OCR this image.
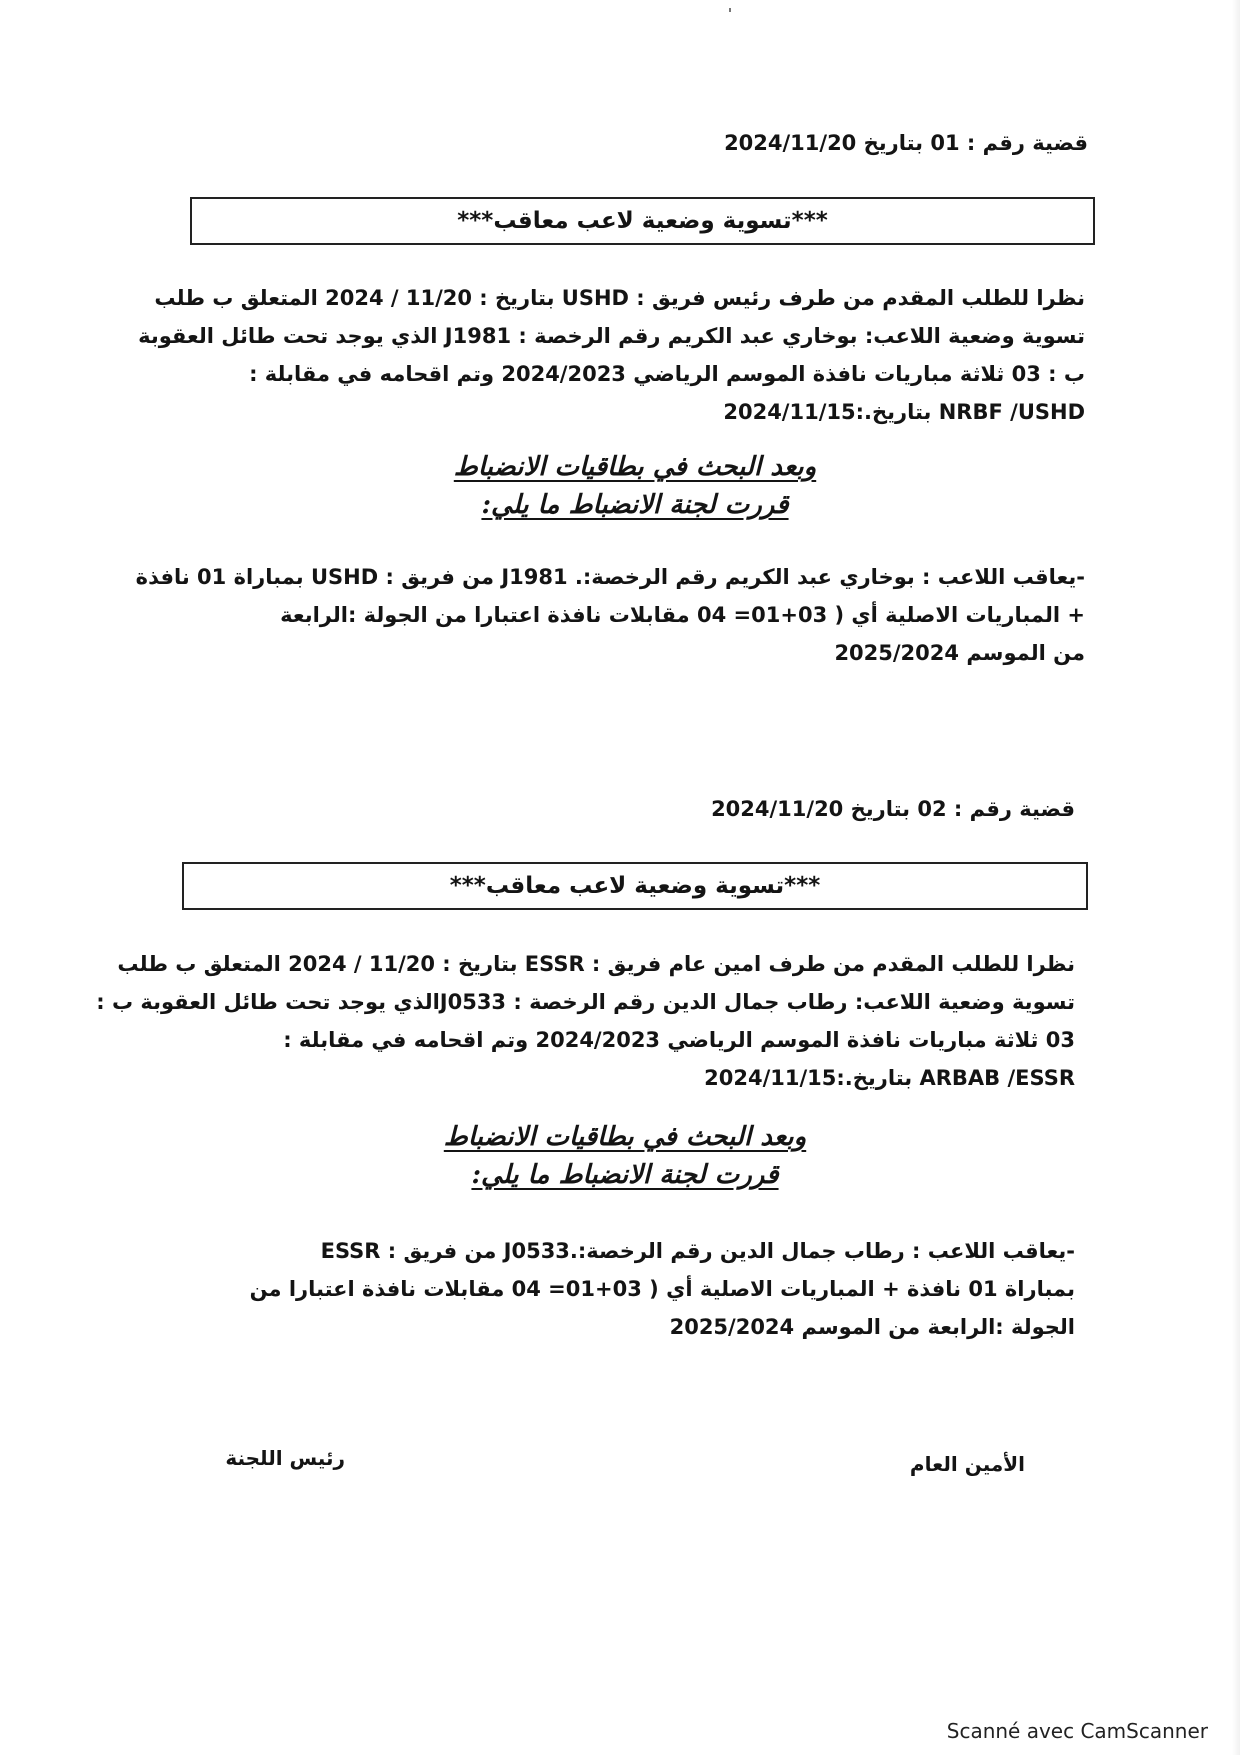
قضية رقم : 01 بتاريخ 2024/11/20
***تسوية وضعية لاعب معاقب***

نظرا للطلب المقدم من طرف رئيس فريق : USHD بتاريخ : 11/20 / 2024 المتعلق ب طلب

تسوية وضعية اللاعب: بوخاري عبد الكريم رقم الرخصة : J1981 الذي يوجد تحت طائل العقوبة

ب : 03 ثلاثة مباريات نافذة الموسم الرياضي 2024/2023 وتم اقحامه في مقابلة :

NRBF /USHD بتاريخ.:2024/11/15

وبعد البحث في بطاقيات الانضباط
قررت لجنة الانضباط ما يلي:

-يعاقب اللاعب : بوخاري عبد الكريم رقم الرخصة:. J1981 من فريق : USHD بمباراة 01 نافذة

+ المباريات الاصلية أي ( 03+01= 04 مقابلات نافذة اعتبارا من الجولة :الرابعة

من الموسم 2025/2024

قضية رقم : 02 بتاريخ 2024/11/20
***تسوية وضعية لاعب معاقب***

نظرا للطلب المقدم من طرف امين عام فريق : ESSR بتاريخ : 11/20 / 2024 المتعلق ب طلب

تسوية وضعية اللاعب: رطاب جمال الدين رقم الرخصة : J0533الذي يوجد تحت طائل العقوبة ب :

03 ثلاثة مباريات نافذة الموسم الرياضي 2024/2023 وتم اقحامه في مقابلة :

ARBAB /ESSR بتاريخ.:2024/11/15

وبعد البحث في بطاقيات الانضباط
قررت لجنة الانضباط ما يلي:

-يعاقب اللاعب : رطاب جمال الدين رقم الرخصة:.J0533 من فريق : ESSR

بمباراة 01 نافذة + المباريات الاصلية أي ( 03+01= 04 مقابلات نافذة اعتبارا من

الجولة :الرابعة من الموسم 2025/2024

رئيس اللجنة	الأمين العام
Scanné avec CamScanner
